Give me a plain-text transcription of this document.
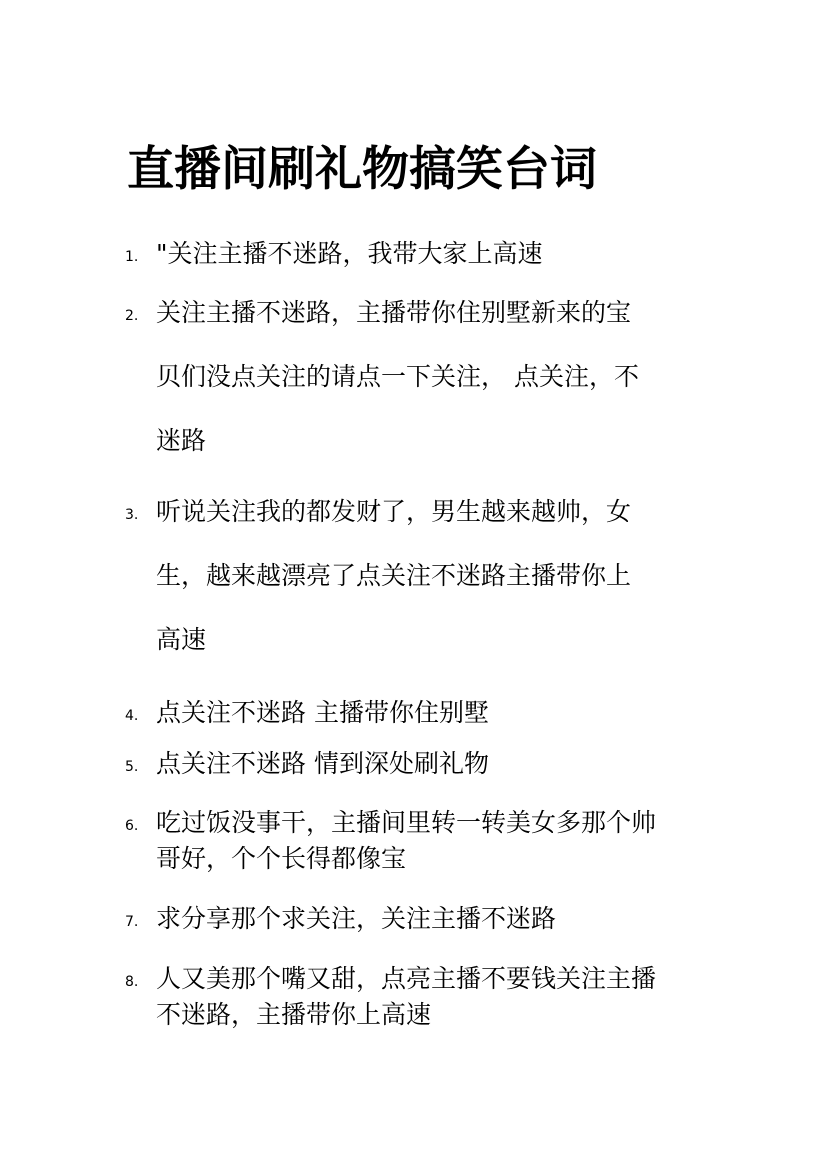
直播间刷礼物搞笑台词
1. "关注主播不迷路，我带大家上高速
2. 关注主播不迷路，主播带你住别墅新来的宝
贝们没点关注的请点一下关注， 点关注，不
迷路
3. 听说关注我的都发财了，男生越来越帅，女
生，越来越漂亮了点关注不迷路主播带你上
高速
4. 点关注不迷路 主播带你住别墅
5. 点关注不迷路 情到深处刷礼物
6. 吃过饭没事干，主播间里转一转美女多那个帅
哥好，个个长得都像宝
7. 求分享那个求关注，关注主播不迷路
8. 人又美那个嘴又甜，点亮主播不要钱关注主播
不迷路，主播带你上高速
